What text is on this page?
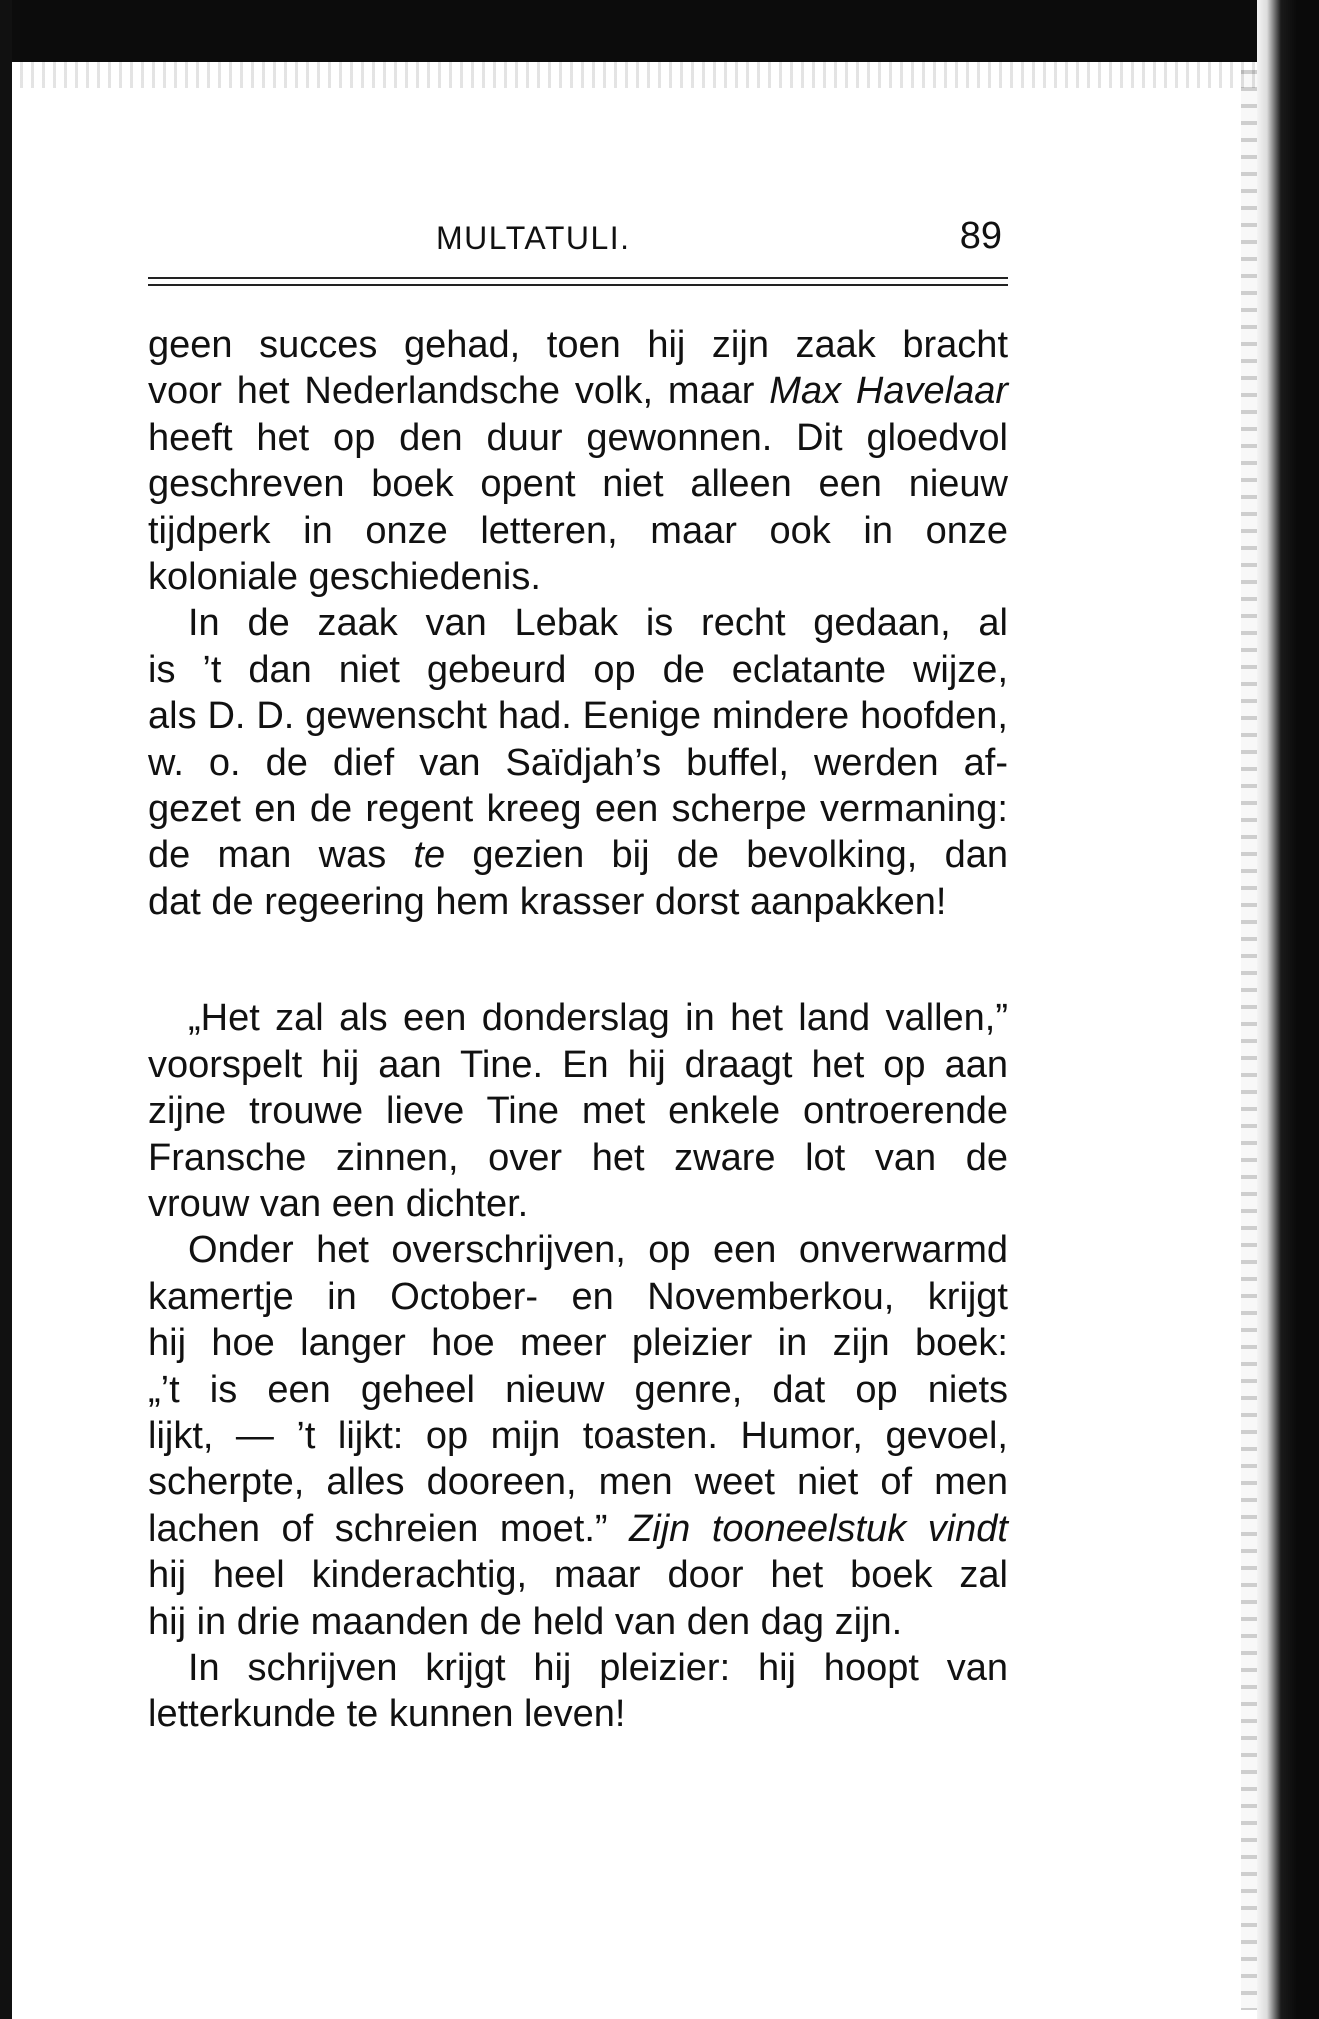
MULTATULI.	89
geen succes gehad, toen hij zijn zaak bracht
voor het Nederlandsche volk, maar Max Havelaar
heeft het op den duur gewonnen. Dit gloedvol
geschreven boek opent niet alleen een nieuw
tijdperk in onze letteren, maar ook in onze
koloniale geschiedenis.
In de zaak van Lebak is recht gedaan, al
is ’t dan niet gebeurd op de eclatante wijze,
als D. D. gewenscht had. Eenige mindere hoofden,
w. o. de dief van Saïdjah’s buffel, werden af-
gezet en de regent kreeg een scherpe vermaning:
de man was te gezien bij de bevolking, dan
dat de regeering hem krasser dorst aanpakken!
„Het zal als een donderslag in het land vallen,”
voorspelt hij aan Tine. En hij draagt het op aan
zijne trouwe lieve Tine met enkele ontroerende
Fransche zinnen, over het zware lot van de
vrouw van een dichter.
Onder het overschrijven, op een onverwarmd
kamertje in October- en Novemberkou, krijgt
hij hoe langer hoe meer pleizier in zijn boek:
„’t is een geheel nieuw genre, dat op niets
lijkt, — ’t lijkt: op mijn toasten. Humor, gevoel,
scherpte, alles dooreen, men weet niet of men
lachen of schreien moet.” Zijn tooneelstuk vindt
hij heel kinderachtig, maar door het boek zal
hij in drie maanden de held van den dag zijn.
In schrijven krijgt hij pleizier: hij hoopt van
letterkunde te kunnen leven!
